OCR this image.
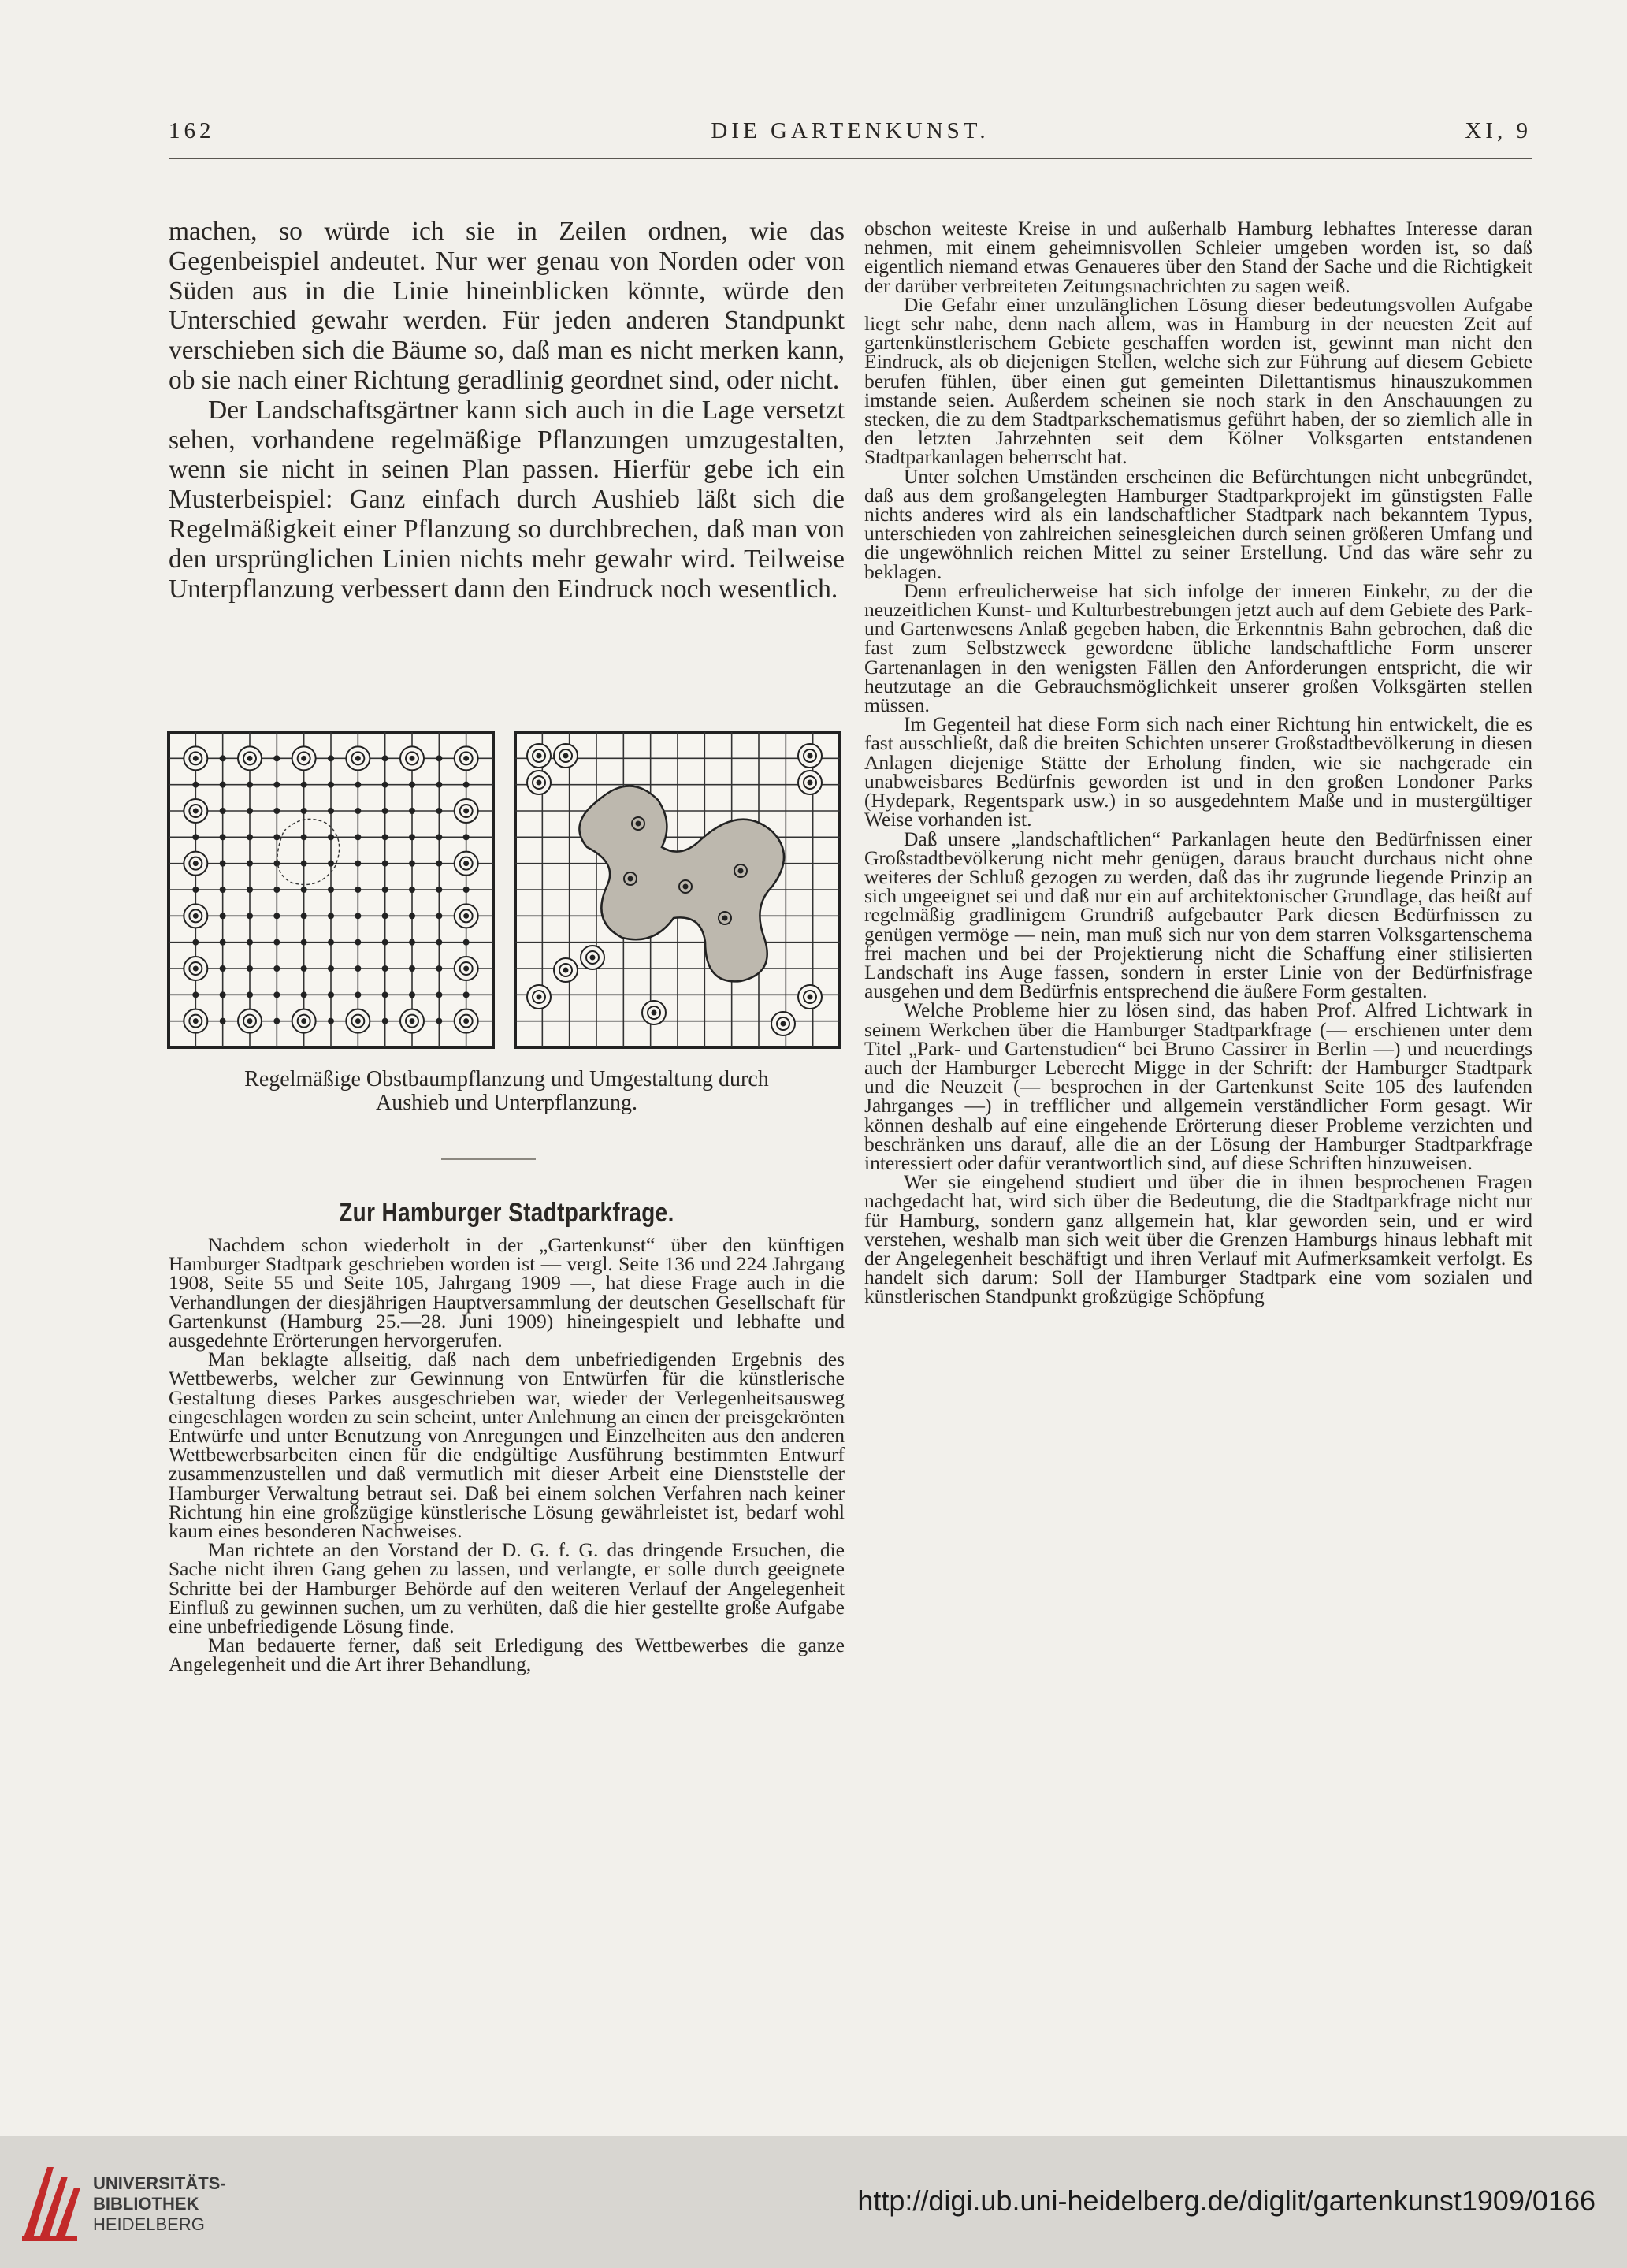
162	DIE GARTENKUNST.	XI, 9

machen, so würde ich sie in Zeilen ordnen, wie das Gegenbeispiel andeutet. Nur wer genau von Norden oder von Süden aus in die Linie hineinblicken könnte, würde den Unterschied gewahr werden. Für jeden anderen Standpunkt verschieben sich die Bäume so, daß man es nicht merken kann, ob sie nach einer Richtung geradlinig geordnet sind, oder nicht.

Der Landschaftsgärtner kann sich auch in die Lage versetzt sehen, vorhandene regelmäßige Pflanzungen umzugestalten, wenn sie nicht in seinen Plan passen. Hierfür gebe ich ein Musterbeispiel: Ganz einfach durch Aushieb läßt sich die Regelmäßigkeit einer Pflanzung so durchbrechen, daß man von den ursprünglichen Linien nichts mehr gewahr wird. Teilweise Unterpflanzung verbessert dann den Eindruck noch wesentlich.

Regelmäßige Obstbaumpflanzung und Umgestaltung durch
Aushieb und Unterpflanzung.
Zur Hamburger Stadtparkfrage.

Nachdem schon wiederholt in der „Gartenkunst“ über den künftigen Hamburger Stadtpark geschrieben worden ist — vergl. Seite 136 und 224 Jahrgang 1908, Seite 55 und Seite 105, Jahrgang 1909 —, hat diese Frage auch in die Verhandlungen der diesjährigen Hauptversammlung der deutschen Gesellschaft für Gartenkunst (Hamburg 25.—28. Juni 1909) hineingespielt und lebhafte und ausgedehnte Erörterungen hervorgerufen.

Man beklagte allseitig, daß nach dem unbefriedigenden Ergebnis des Wettbewerbs, welcher zur Gewinnung von Entwürfen für die künstlerische Gestaltung dieses Parkes ausgeschrieben war, wieder der Verlegenheitsausweg eingeschlagen worden zu sein scheint, unter Anlehnung an einen der preisgekrönten Entwürfe und unter Benutzung von Anregungen und Einzelheiten aus den anderen Wettbewerbsarbeiten einen für die endgültige Ausführung bestimmten Entwurf zusammenzustellen und daß vermutlich mit dieser Arbeit eine Dienststelle der Hamburger Verwaltung betraut sei. Daß bei einem solchen Verfahren nach keiner Richtung hin eine großzügige künstlerische Lösung gewährleistet ist, bedarf wohl kaum eines besonderen Nachweises.

Man richtete an den Vorstand der D. G. f. G. das dringende Ersuchen, die Sache nicht ihren Gang gehen zu lassen, und verlangte, er solle durch geeignete Schritte bei der Hamburger Behörde auf den weiteren Verlauf der Angelegenheit Einfluß zu gewinnen suchen, um zu verhüten, daß die hier gestellte große Aufgabe eine unbefriedigende Lösung finde.

Man bedauerte ferner, daß seit Erledigung des Wettbewerbes die ganze Angelegenheit und die Art ihrer Behandlung,

obschon weiteste Kreise in und außerhalb Hamburg lebhaftes Interesse daran nehmen, mit einem geheimnisvollen Schleier umgeben worden ist, so daß eigentlich niemand etwas Genaueres über den Stand der Sache und die Richtigkeit der darüber verbreiteten Zeitungsnachrichten zu sagen weiß.

Die Gefahr einer unzulänglichen Lösung dieser bedeutungsvollen Aufgabe liegt sehr nahe, denn nach allem, was in Hamburg in der neuesten Zeit auf gartenkünstlerischem Gebiete geschaffen worden ist, gewinnt man nicht den Eindruck, als ob diejenigen Stellen, welche sich zur Führung auf diesem Gebiete berufen fühlen, über einen gut gemeinten Dilettantismus hinauszukommen imstande seien. Außerdem scheinen sie noch stark in den Anschauungen zu stecken, die zu dem Stadtparkschematismus geführt haben, der so ziemlich alle in den letzten Jahrzehnten seit dem Kölner Volksgarten entstandenen Stadtparkanlagen beherrscht hat.

Unter solchen Umständen erscheinen die Befürchtungen nicht unbegründet, daß aus dem großangelegten Hamburger Stadtparkprojekt im günstigsten Falle nichts anderes wird als ein landschaftlicher Stadtpark nach bekanntem Typus, unterschieden von zahlreichen seinesgleichen durch seinen größeren Umfang und die ungewöhnlich reichen Mittel zu seiner Erstellung. Und das wäre sehr zu beklagen.

Denn erfreulicherweise hat sich infolge der inneren Einkehr, zu der die neuzeitlichen Kunst- und Kulturbestrebungen jetzt auch auf dem Gebiete des Park- und Gartenwesens Anlaß gegeben haben, die Erkenntnis Bahn gebrochen, daß die fast zum Selbstzweck gewordene übliche landschaftliche Form unserer Gartenanlagen in den wenigsten Fällen den Anforderungen entspricht, die wir heutzutage an die Gebrauchsmöglichkeit unserer großen Volksgärten stellen müssen.

Im Gegenteil hat diese Form sich nach einer Richtung hin entwickelt, die es fast ausschließt, daß die breiten Schichten unserer Großstadtbevölkerung in diesen Anlagen diejenige Stätte der Erholung finden, wie sie nachgerade ein unabweisbares Bedürfnis geworden ist und in den großen Londoner Parks (Hydepark, Regentspark usw.) in so ausgedehntem Maße und in mustergültiger Weise vorhanden ist.

Daß unsere „landschaftlichen“ Parkanlagen heute den Bedürfnissen einer Großstadtbevölkerung nicht mehr genügen, daraus braucht durchaus nicht ohne weiteres der Schluß gezogen zu werden, daß das ihr zugrunde liegende Prinzip an sich ungeeignet sei und daß nur ein auf architektonischer Grundlage, das heißt auf regelmäßig gradlinigem Grundriß aufgebauter Park diesen Bedürfnissen zu genügen vermöge — nein, man muß sich nur von dem starren Volksgartenschema frei machen und bei der Projektierung nicht die Schaffung einer stilisierten Landschaft ins Auge fassen, sondern in erster Linie von der Bedürfnisfrage ausgehen und dem Bedürfnis entsprechend die äußere Form gestalten.

Welche Probleme hier zu lösen sind, das haben Prof. Alfred Lichtwark in seinem Werkchen über die Hamburger Stadtparkfrage (— erschienen unter dem Titel „Park- und Gartenstudien“ bei Bruno Cassirer in Berlin —) und neuerdings auch der Hamburger Leberecht Migge in der Schrift: der Hamburger Stadtpark und die Neuzeit (— besprochen in der Gartenkunst Seite 105 des laufenden Jahrganges —) in trefflicher und allgemein verständlicher Form gesagt. Wir können deshalb auf eine eingehende Erörterung dieser Probleme verzichten und beschränken uns darauf, alle die an der Lösung der Hamburger Stadtparkfrage interessiert oder dafür verantwortlich sind, auf diese Schriften hinzuweisen.

Wer sie eingehend studiert und über die in ihnen besprochenen Fragen nachgedacht hat, wird sich über die Bedeutung, die die Stadtparkfrage nicht nur für Hamburg, sondern ganz allgemein hat, klar geworden sein, und er wird verstehen, weshalb man sich weit über die Grenzen Hamburgs hinaus lebhaft mit der Angelegenheit beschäftigt und ihren Verlauf mit Aufmerksamkeit verfolgt. Es handelt sich darum: Soll der Hamburger Stadtpark eine vom sozialen und künstlerischen Standpunkt großzügige Schöpfung

UNIVERSITÄTS-
BIBLIOTHEK
HEIDELBERG
http://digi.ub.uni-heidelberg.de/diglit/gartenkunst1909/0166
